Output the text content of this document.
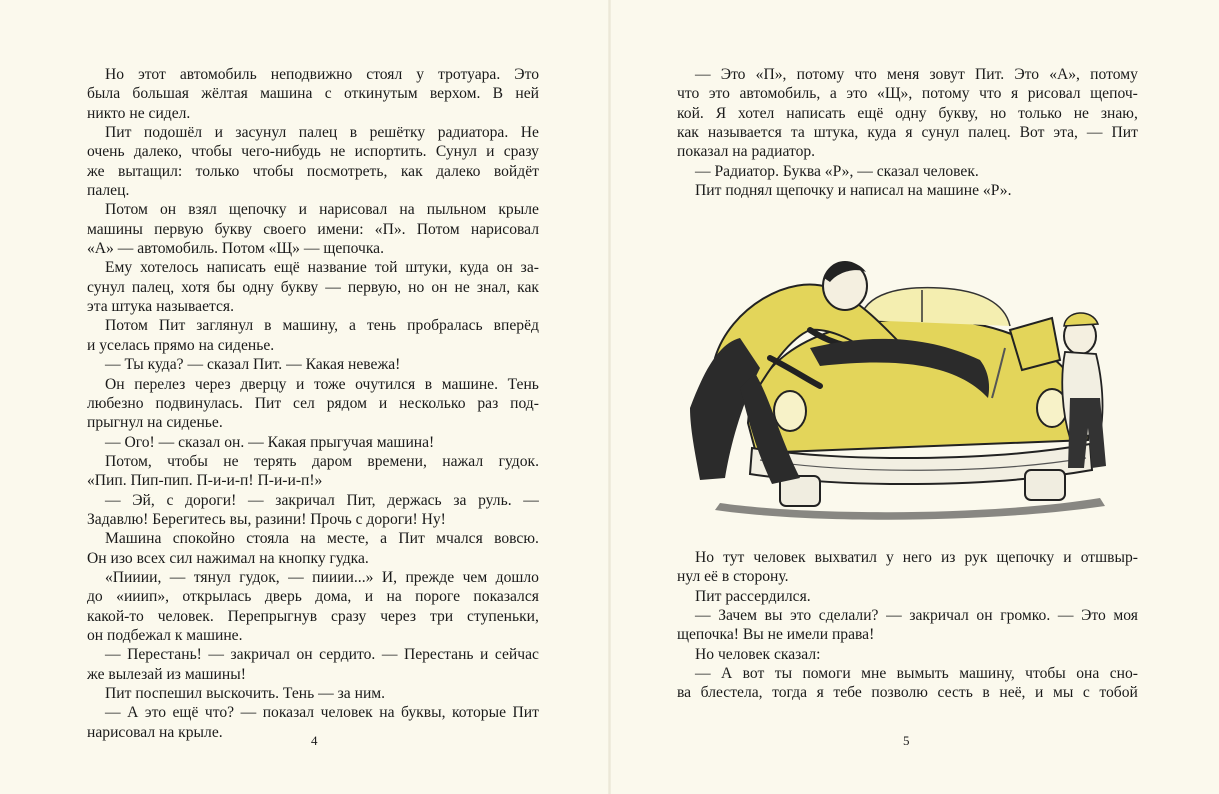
Но этот автомобиль неподвижно стоял у тротуара. Это
была большая жёлтая машина с откинутым верхом. В ней
никто не сидел.
Пит подошёл и засунул палец в решётку радиатора. Не
очень далеко, чтобы чего-нибудь не испортить. Сунул и сразу
же вытащил: только чтобы посмотреть, как далеко войдёт
палец.
Потом он взял щепочку и нарисовал на пыльном крыле
машины первую букву своего имени: «П». Потом нарисовал
«А» — автомобиль. Потом «Щ» — щепочка.
Ему хотелось написать ещё название той штуки, куда он за-
сунул палец, хотя бы одну букву — первую, но он не знал, как
эта штука называется.
Потом Пит заглянул в машину, а тень пробралась вперёд
и уселась прямо на сиденье.
— Ты куда? — сказал Пит. — Какая невежа!
Он перелез через дверцу и тоже очутился в машине. Тень
любезно подвинулась. Пит сел рядом и несколько раз под-
прыгнул на сиденье.
— Ого! — сказал он. — Какая прыгучая машина!
Потом, чтобы не терять даром времени, нажал гудок.
«Пип. Пип-пип. П-и-и-п! П-и-и-п!»
— Эй, с дороги! — закричал Пит, держась за руль. —
Задавлю! Берегитесь вы, разини! Прочь с дороги! Ну!
Машина спокойно стояла на месте, а Пит мчался вовсю.
Он изо всех сил нажимал на кнопку гудка.
«Пииии, — тянул гудок, — пииии...» И, прежде чем дошло
до «ииип», открылась дверь дома, и на пороге показался
какой-то человек. Перепрыгнув сразу через три ступеньки,
он подбежал к машине.
— Перестань! — закричал он сердито. — Перестань и сейчас
же вылезай из машины!
Пит поспешил выскочить. Тень — за ним.
— А это ещё что? — показал человек на буквы, которые Пит
нарисовал на крыле.	4
— Это «П», потому что меня зовут Пит. Это «А», потому
что это автомобиль, а это «Щ», потому что я рисовал щепоч-
кой. Я хотел написать ещё одну букву, но только не знаю,
как называется та штука, куда я сунул палец. Вот эта, — Пит
показал на радиатор.
— Радиатор. Буква «Р», — сказал человек.
Пит поднял щепочку и написал на машине «Р».
Но тут человек выхватил у него из рук щепочку и отшвыр-
нул её в сторону.
Пит рассердился.
— Зачем вы это сделали? — закричал он громко. — Это моя
щепочка! Вы не имели права!
Но человек сказал:
— А вот ты помоги мне вымыть машину, чтобы она сно-
ва блестела, тогда я тебе позволю сесть в неё, и мы с тобой
5
